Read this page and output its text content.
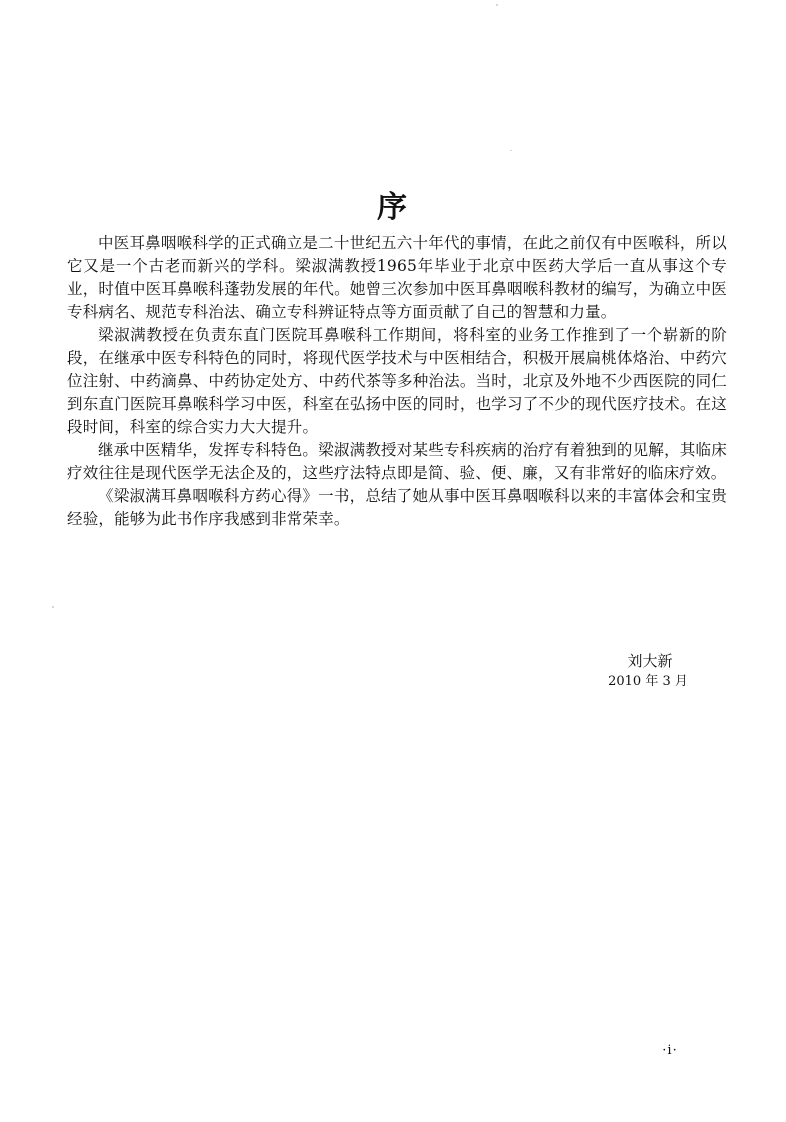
序

中医耳鼻咽喉科学的正式确立是二十世纪五六十年代的事情，在此之前仅有中医喉科，所以它又是一个古老而新兴的学科。梁淑满教授1965年毕业于北京中医药大学后一直从事这个专业，时值中医耳鼻喉科蓬勃发展的年代。她曾三次参加中医耳鼻咽喉科教材的编写，为确立中医专科病名、规范专科治法、确立专科辨证特点等方面贡献了自己的智慧和力量。

梁淑满教授在负责东直门医院耳鼻喉科工作期间，将科室的业务工作推到了一个崭新的阶段，在继承中医专科特色的同时，将现代医学技术与中医相结合，积极开展扁桃体烙治、中药穴位注射、中药滴鼻、中药协定处方、中药代茶等多种治法。当时，北京及外地不少西医院的同仁到东直门医院耳鼻喉科学习中医，科室在弘扬中医的同时，也学习了不少的现代医疗技术。在这段时间，科室的综合实力大大提升。

继承中医精华，发挥专科特色。梁淑满教授对某些专科疾病的治疗有着独到的见解，其临床疗效往往是现代医学无法企及的，这些疗法特点即是简、验、便、廉，又有非常好的临床疗效。

《梁淑满耳鼻咽喉科方药心得》一书，总结了她从事中医耳鼻咽喉科以来的丰富体会和宝贵经验，能够为此书作序我感到非常荣幸。

刘大新
2010 年 3 月
·i·
